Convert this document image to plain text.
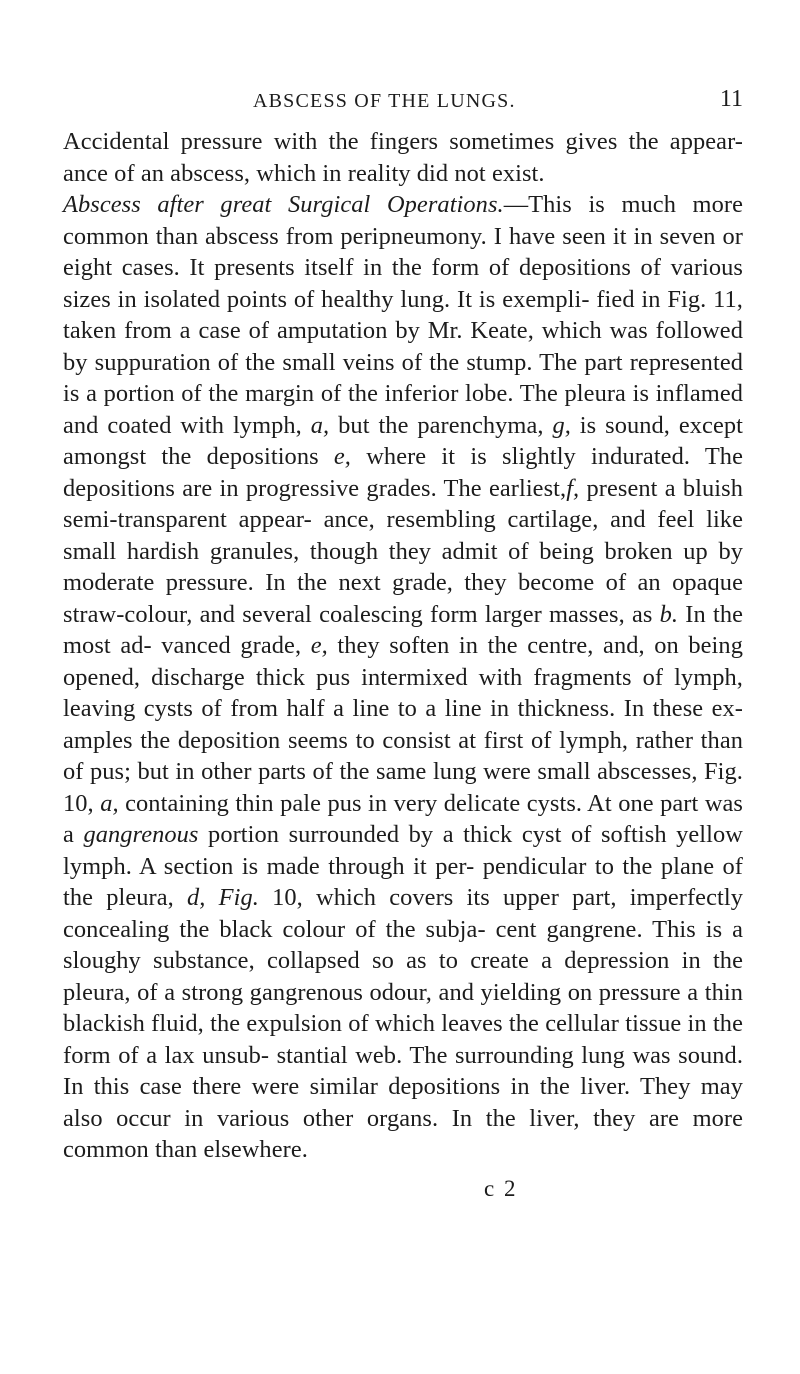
ABSCESS OF THE LUNGS.	11

Accidental pressure with the fingers sometimes gives the appear- ance of an abscess, which in reality did not exist.

Abscess after great Surgical Operations.—This is much more common than abscess from peripneumony. I have seen it in seven or eight cases. It presents itself in the form of depositions of various sizes in isolated points of healthy lung. It is exempli- fied in Fig. 11, taken from a case of amputation by Mr. Keate, which was followed by suppuration of the small veins of the stump. The part represented is a portion of the margin of the inferior lobe. The pleura is inflamed and coated with lymph, a, but the parenchyma, g, is sound, except amongst the depositions e, where it is slightly indurated. The depositions are in progressive grades. The earliest,f, present a bluish semi-transparent appear- ance, resembling cartilage, and feel like small hardish granules, though they admit of being broken up by moderate pressure. In the next grade, they become of an opaque straw-colour, and several coalescing form larger masses, as b. In the most ad- vanced grade, e, they soften in the centre, and, on being opened, discharge thick pus intermixed with fragments of lymph, leaving cysts of from half a line to a line in thickness. In these ex- amples the deposition seems to consist at first of lymph, rather than of pus; but in other parts of the same lung were small abscesses, Fig. 10, a, containing thin pale pus in very delicate cysts. At one part was a gangrenous portion surrounded by a thick cyst of softish yellow lymph. A section is made through it per- pendicular to the plane of the pleura, d, Fig. 10, which covers its upper part, imperfectly concealing the black colour of the subja- cent gangrene. This is a sloughy substance, collapsed so as to create a depression in the pleura, of a strong gangrenous odour, and yielding on pressure a thin blackish fluid, the expulsion of which leaves the cellular tissue in the form of a lax unsub- stantial web. The surrounding lung was sound. In this case there were similar depositions in the liver. They may also occur in various other organs. In the liver, they are more common than elsewhere.

c 2
